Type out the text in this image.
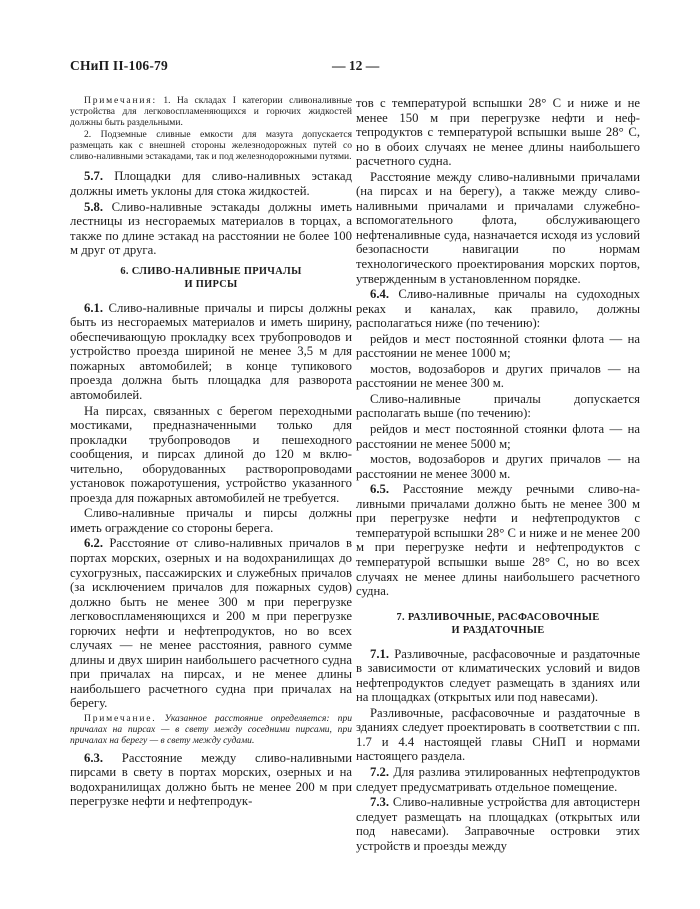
СНиП II-106-79	— 12 —

Примечания: 1. На складах I категории сливоналивные устройства для легковоспламеняющихся и горючих жидкостей должны быть раздельными.

2. Подземные сливные емкости для мазута допускается размещать как с внешней стороны железнодорожных путей со сливо-наливными эстакадами, так и под железнодорожными путями.

5.7. Площадки для сливо-наливных эстакад должны иметь уклоны для стока жидкостей.

5.8. Сливо-наливные эстакады должны иметь лестницы из несгораемых материалов в торцах, а также по длине эстакад на расстоянии не более 100 м друг от друга.

6. СЛИВО-НАЛИВНЫЕ ПРИЧАЛЫ
И ПИРСЫ

6.1. Сливо-наливные причалы и пирсы должны быть из несгораемых материалов и иметь ширину, обеспечивающую прокладку всех трубопроводов и устройство проезда шириной не менее 3,5 м для пожарных автомобилей; в конце тупикового проезда должна быть площадка для разворота автомобилей.

На пирсах, связанных с берегом переходными мостиками, предназначенными только для прокладки трубопроводов и пешеходного сообщения, и пирсах длиной до 120 м включительно, оборудованных растворопроводами установок пожаротушения, устройство указанного проезда для пожарных автомобилей не требуется.

Сливо-наливные причалы и пирсы должны иметь ограждение со стороны берега.

6.2. Расстояние от сливо-наливных причалов в портах морских, озерных и на водохранилищах до сухогрузных, пассажирских и служебных причалов (за исключением причалов для пожарных судов) должно быть не менее 300 м при перегрузке легковоспламеняющихся и 200 м при перегрузке горючих нефти и нефтепродуктов, но во всех случаях — не менее расстояния, равного сумме длины и двух ширин наибольшего расчетного судна при причалах на пирсах, и не менее длины наибольшего расчетного судна при причалах на берегу.

Примечание. Указанное расстояние определяется: при причалах на пирсах — в свету между соседними пирсами, при причалах на берегу — в свету между судами.

6.3. Расстояние между сливо-наливными пирсами в свету в портах морских, озерных и на водохранилищах должно быть не менее 200 м при перегрузке нефти и нефтепродук-

тов с температурой вспышки 28° С и ниже и не менее 150 м при перегрузке нефти и нефтепродуктов с температурой вспышки выше 28° С, но в обоих случаях не менее длины наибольшего расчетного судна.

Расстояние между сливо-наливными причалами (на пирсах и на берегу), а также между сливо-наливными причалами и причалами служебно-вспомогательного флота, обслуживающего нефтеналивные суда, назначается исходя из условий безопасности навигации по нормам технологического проектирования морских портов, утвержденным в установленном порядке.

6.4. Сливо-наливные причалы на судоходных реках и каналах, как правило, должны располагаться ниже (по течению):

рейдов и мест постоянной стоянки флота — на расстоянии не менее 1000 м;

мостов, водозаборов и других причалов — на расстоянии не менее 300 м.

Сливо-наливные причалы допускается располагать выше (по течению):

рейдов и мест постоянной стоянки флота — на расстоянии не менее 5000 м;

мостов, водозаборов и других причалов — на расстоянии не менее 3000 м.

6.5. Расстояние между речными сливо-наливными причалами должно быть не менее 300 м при перегрузке нефти и нефтепродуктов с температурой вспышки 28° С и ниже и не менее 200 м при перегрузке нефти и нефтепродуктов с температурой вспышки выше 28° С, но во всех случаях не менее длины наибольшего расчетного судна.

7. РАЗЛИВОЧНЫЕ, РАСФАСОВОЧНЫЕ
И РАЗДАТОЧНЫЕ

7.1. Разливочные, расфасовочные и раздаточные в зависимости от климатических условий и видов нефтепродуктов следует размещать в зданиях или на площадках (открытых или под навесами).

Разливочные, расфасовочные и раздаточные в зданиях следует проектировать в соответствии с пп. 1.7 и 4.4 настоящей главы СНиП и нормами настоящего раздела.

7.2. Для разлива этилированных нефтепродуктов следует предусматривать отдельное помещение.

7.3. Сливо-наливные устройства для автоцистерн следует размещать на площадках (открытых или под навесами). Заправочные островки этих устройств и проезды между
